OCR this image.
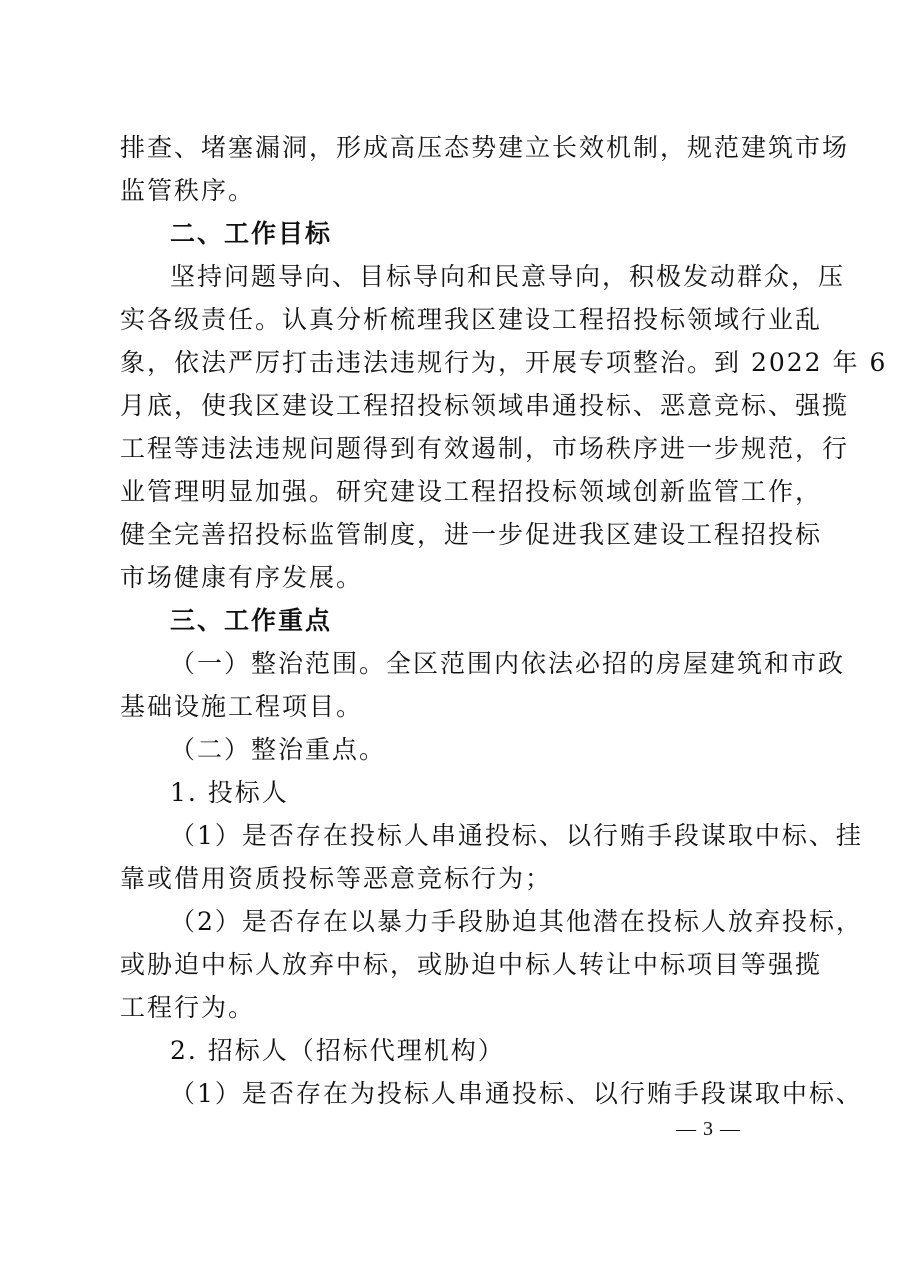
排查、堵塞漏洞，形成高压态势建立长效机制，规范建筑市场
监管秩序。
二、工作目标
坚持问题导向、目标导向和民意导向，积极发动群众，压
实各级责任。认真分析梳理我区建设工程招投标领域行业乱
象，依法严厉打击违法违规行为，开展专项整治。到 2022 年 6
月底，使我区建设工程招投标领域串通投标、恶意竞标、强揽
工程等违法违规问题得到有效遏制，市场秩序进一步规范，行
业管理明显加强。研究建设工程招投标领域创新监管工作，
健全完善招投标监管制度，进一步促进我区建设工程招投标
市场健康有序发展。
三、工作重点
（一）整治范围。全区范围内依法必招的房屋建筑和市政
基础设施工程项目。
（二）整治重点。
1. 投标人
（1）是否存在投标人串通投标、以行贿手段谋取中标、挂
靠或借用资质投标等恶意竞标行为；
（2）是否存在以暴力手段胁迫其他潜在投标人放弃投标，
或胁迫中标人放弃中标，或胁迫中标人转让中标项目等强揽
工程行为。
2. 招标人（招标代理机构）
（1）是否存在为投标人串通投标、以行贿手段谋取中标、
— 3 —
